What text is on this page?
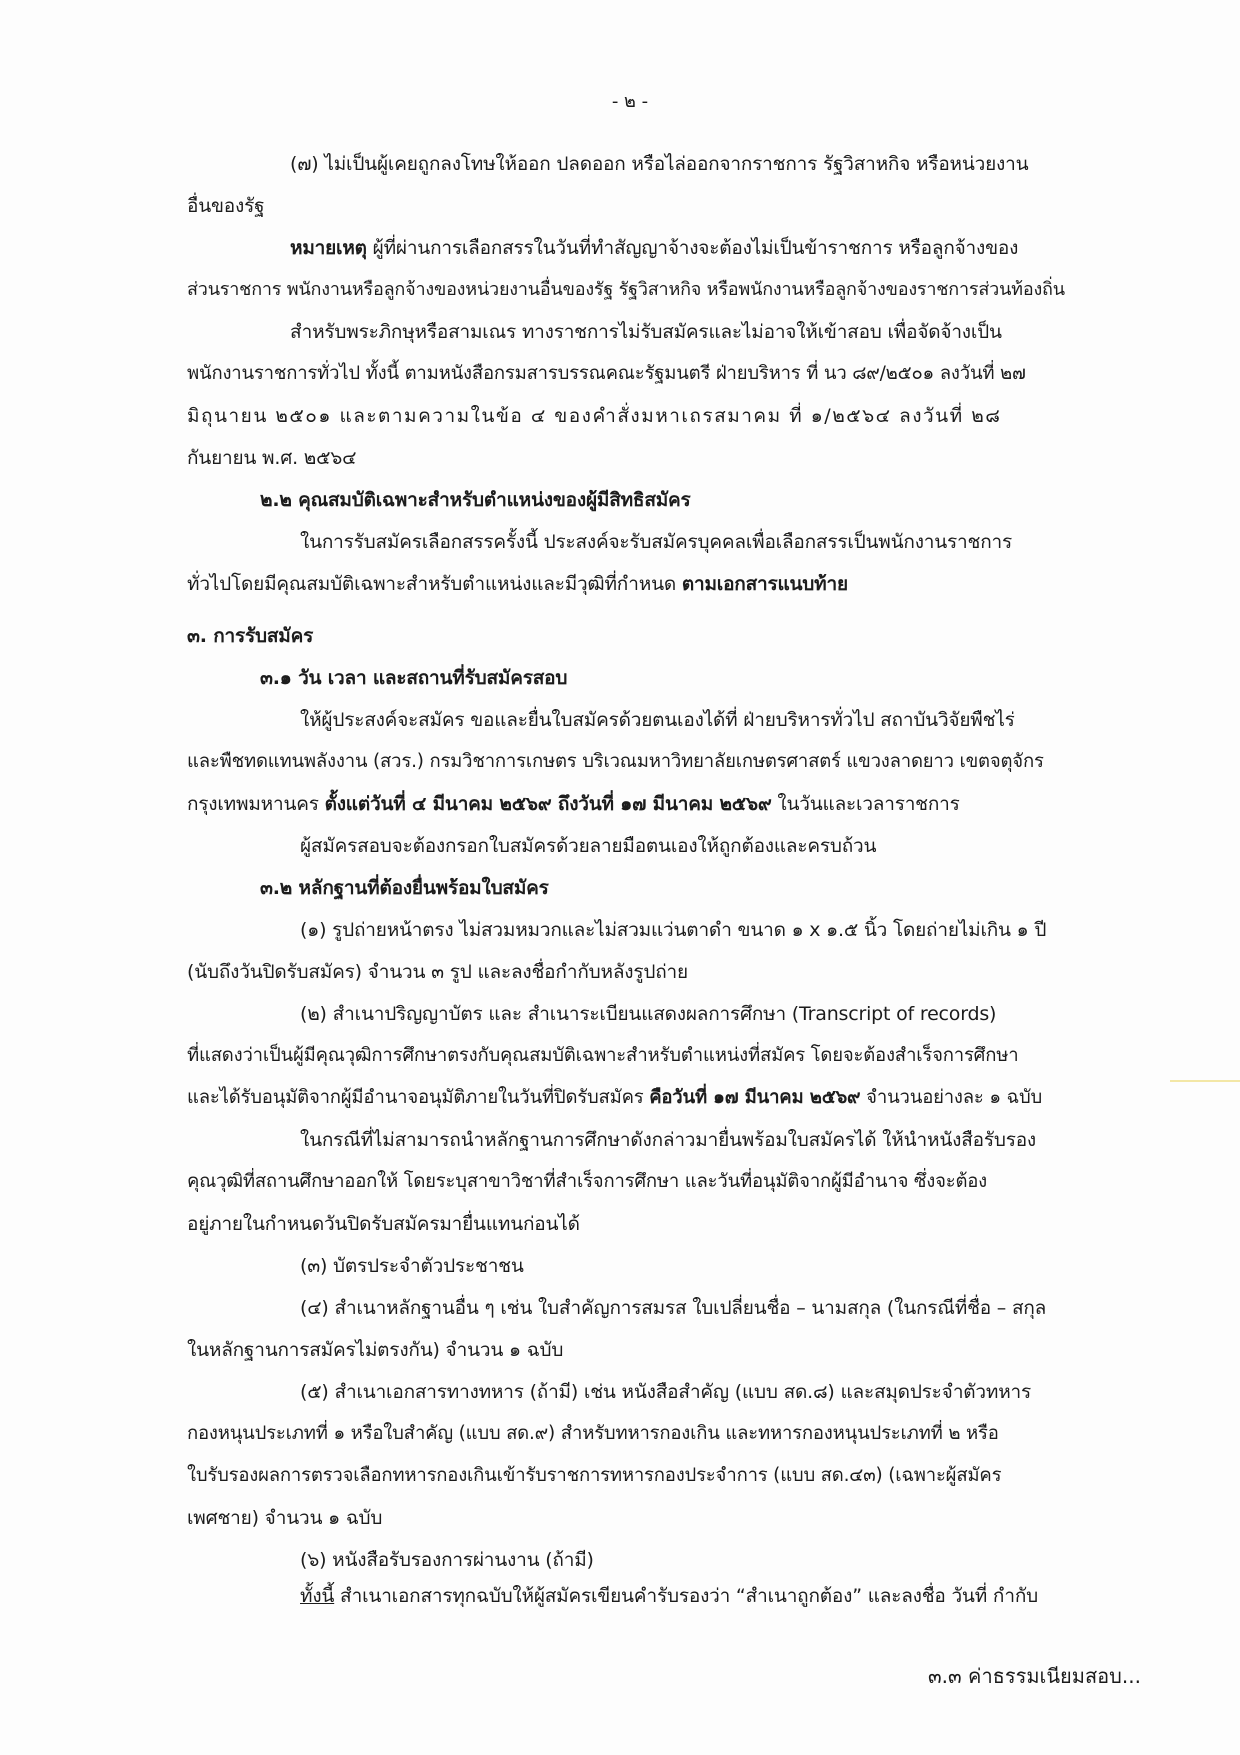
- ๒ -
(๗) ไม่เป็นผู้เคยถูกลงโทษให้ออก ปลดออก หรือไล่ออกจากราชการ รัฐวิสาหกิจ หรือหน่วยงาน
อื่นของรัฐ
หมายเหตุ ผู้ที่ผ่านการเลือกสรรในวันที่ทำสัญญาจ้างจะต้องไม่เป็นข้าราชการ หรือลูกจ้างของ
ส่วนราชการ พนักงานหรือลูกจ้างของหน่วยงานอื่นของรัฐ รัฐวิสาหกิจ หรือพนักงานหรือลูกจ้างของราชการส่วนท้องถิ่น
สำหรับพระภิกษุหรือสามเณร ทางราชการไม่รับสมัครและไม่อาจให้เข้าสอบ เพื่อจัดจ้างเป็น
พนักงานราชการทั่วไป ทั้งนี้ ตามหนังสือกรมสารบรรณคณะรัฐมนตรี ฝ่ายบริหาร ที่ นว ๘๙/๒๕๐๑ ลงวันที่ ๒๗
มิถุนายน ๒๕๐๑ และตามความในข้อ ๔ ของคำสั่งมหาเถรสมาคม ที่ ๑/๒๕๖๔ ลงวันที่ ๒๘
กันยายน พ.ศ. ๒๕๖๔
๒.๒ คุณสมบัติเฉพาะสำหรับตำแหน่งของผู้มีสิทธิสมัคร
ในการรับสมัครเลือกสรรครั้งนี้ ประสงค์จะรับสมัครบุคคลเพื่อเลือกสรรเป็นพนักงานราชการ
ทั่วไปโดยมีคุณสมบัติเฉพาะสำหรับตำแหน่งและมีวุฒิที่กำหนด ตามเอกสารแนบท้าย
๓. การรับสมัคร
๓.๑ วัน เวลา และสถานที่รับสมัครสอบ
ให้ผู้ประสงค์จะสมัคร ขอและยื่นใบสมัครด้วยตนเองได้ที่ ฝ่ายบริหารทั่วไป สถาบันวิจัยพืชไร่
และพืชทดแทนพลังงาน (สวร.) กรมวิชาการเกษตร บริเวณมหาวิทยาลัยเกษตรศาสตร์ แขวงลาดยาว เขตจตุจักร
กรุงเทพมหานคร ตั้งแต่วันที่ ๔ มีนาคม ๒๕๖๙ ถึงวันที่ ๑๗ มีนาคม ๒๕๖๙ ในวันและเวลาราชการ
ผู้สมัครสอบจะต้องกรอกใบสมัครด้วยลายมือตนเองให้ถูกต้องและครบถ้วน
๓.๒ หลักฐานที่ต้องยื่นพร้อมใบสมัคร
(๑) รูปถ่ายหน้าตรง ไม่สวมหมวกและไม่สวมแว่นตาดำ ขนาด ๑ x ๑.๕ นิ้ว โดยถ่ายไม่เกิน ๑ ปี
(นับถึงวันปิดรับสมัคร) จำนวน ๓ รูป และลงชื่อกำกับหลังรูปถ่าย
(๒) สำเนาปริญญาบัตร และ สำเนาระเบียนแสดงผลการศึกษา (Transcript of records)
ที่แสดงว่าเป็นผู้มีคุณวุฒิการศึกษาตรงกับคุณสมบัติเฉพาะสำหรับตำแหน่งที่สมัคร โดยจะต้องสำเร็จการศึกษา
และได้รับอนุมัติจากผู้มีอำนาจอนุมัติภายในวันที่ปิดรับสมัคร คือวันที่ ๑๗ มีนาคม ๒๕๖๙ จำนวนอย่างละ ๑ ฉบับ
ในกรณีที่ไม่สามารถนำหลักฐานการศึกษาดังกล่าวมายื่นพร้อมใบสมัครได้ ให้นำหนังสือรับรอง
คุณวุฒิที่สถานศึกษาออกให้ โดยระบุสาขาวิชาที่สำเร็จการศึกษา และวันที่อนุมัติจากผู้มีอำนาจ ซึ่งจะต้อง
อยู่ภายในกำหนดวันปิดรับสมัครมายื่นแทนก่อนได้
(๓) บัตรประจำตัวประชาชน
(๔) สำเนาหลักฐานอื่น ๆ เช่น ใบสำคัญการสมรส ใบเปลี่ยนชื่อ – นามสกุล (ในกรณีที่ชื่อ – สกุล
ในหลักฐานการสมัครไม่ตรงกัน) จำนวน ๑ ฉบับ
(๕) สำเนาเอกสารทางทหาร (ถ้ามี) เช่น หนังสือสำคัญ (แบบ สด.๘) และสมุดประจำตัวทหาร
กองหนุนประเภทที่ ๑ หรือใบสำคัญ (แบบ สด.๙) สำหรับทหารกองเกิน และทหารกองหนุนประเภทที่ ๒ หรือ
ใบรับรองผลการตรวจเลือกทหารกองเกินเข้ารับราชการทหารกองประจำการ (แบบ สด.๔๓) (เฉพาะผู้สมัคร
เพศชาย) จำนวน ๑ ฉบับ
(๖) หนังสือรับรองการผ่านงาน (ถ้ามี)
ทั้งนี้ สำเนาเอกสารทุกฉบับให้ผู้สมัครเขียนคำรับรองว่า “สำเนาถูกต้อง” และลงชื่อ วันที่ กำกับ
๓.๓ ค่าธรรมเนียมสอบ...
